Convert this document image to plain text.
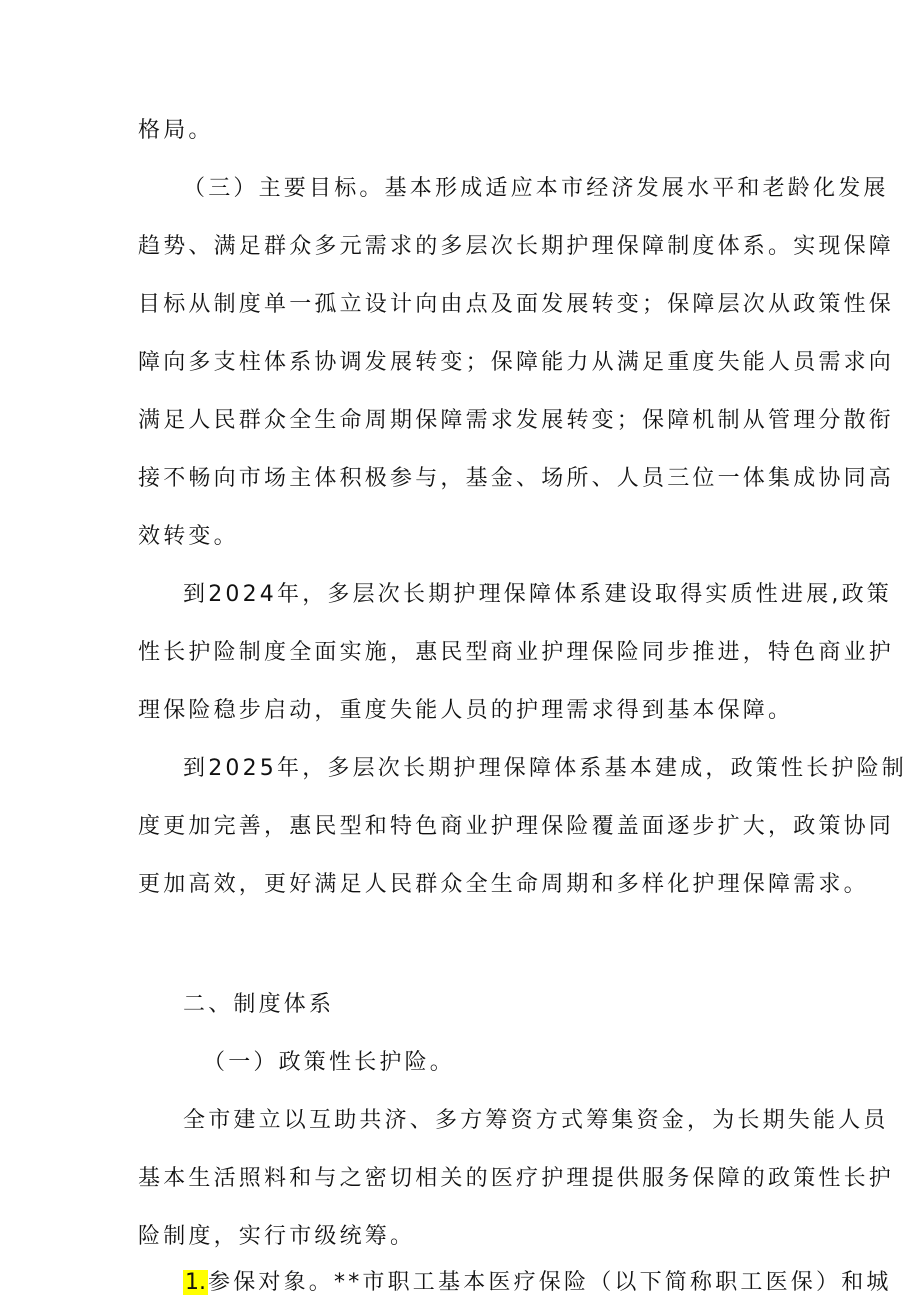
格局。
（三）主要目标。基本形成适应本市经济发展水平和老龄化发展
趋势、满足群众多元需求的多层次长期护理保障制度体系。实现保障
目标从制度单一孤立设计向由点及面发展转变；保障层次从政策性保
障向多支柱体系协调发展转变；保障能力从满足重度失能人员需求向
满足人民群众全生命周期保障需求发展转变；保障机制从管理分散衔
接不畅向市场主体积极参与，基金、场所、人员三位一体集成协同高
效转变。
到2024年，多层次长期护理保障体系建设取得实质性进展,政策
性长护险制度全面实施，惠民型商业护理保险同步推进，特色商业护
理保险稳步启动，重度失能人员的护理需求得到基本保障。
到2025年，多层次长期护理保障体系基本建成，政策性长护险制
度更加完善，惠民型和特色商业护理保险覆盖面逐步扩大，政策协同
更加高效，更好满足人民群众全生命周期和多样化护理保障需求。
二、制度体系
（一）政策性长护险。
全市建立以互助共济、多方筹资方式筹集资金，为长期失能人员
基本生活照料和与之密切相关的医疗护理提供服务保障的政策性长护
险制度，实行市级统筹。
1.参保对象。**市职工基本医疗保险（以下简称职工医保）和城
